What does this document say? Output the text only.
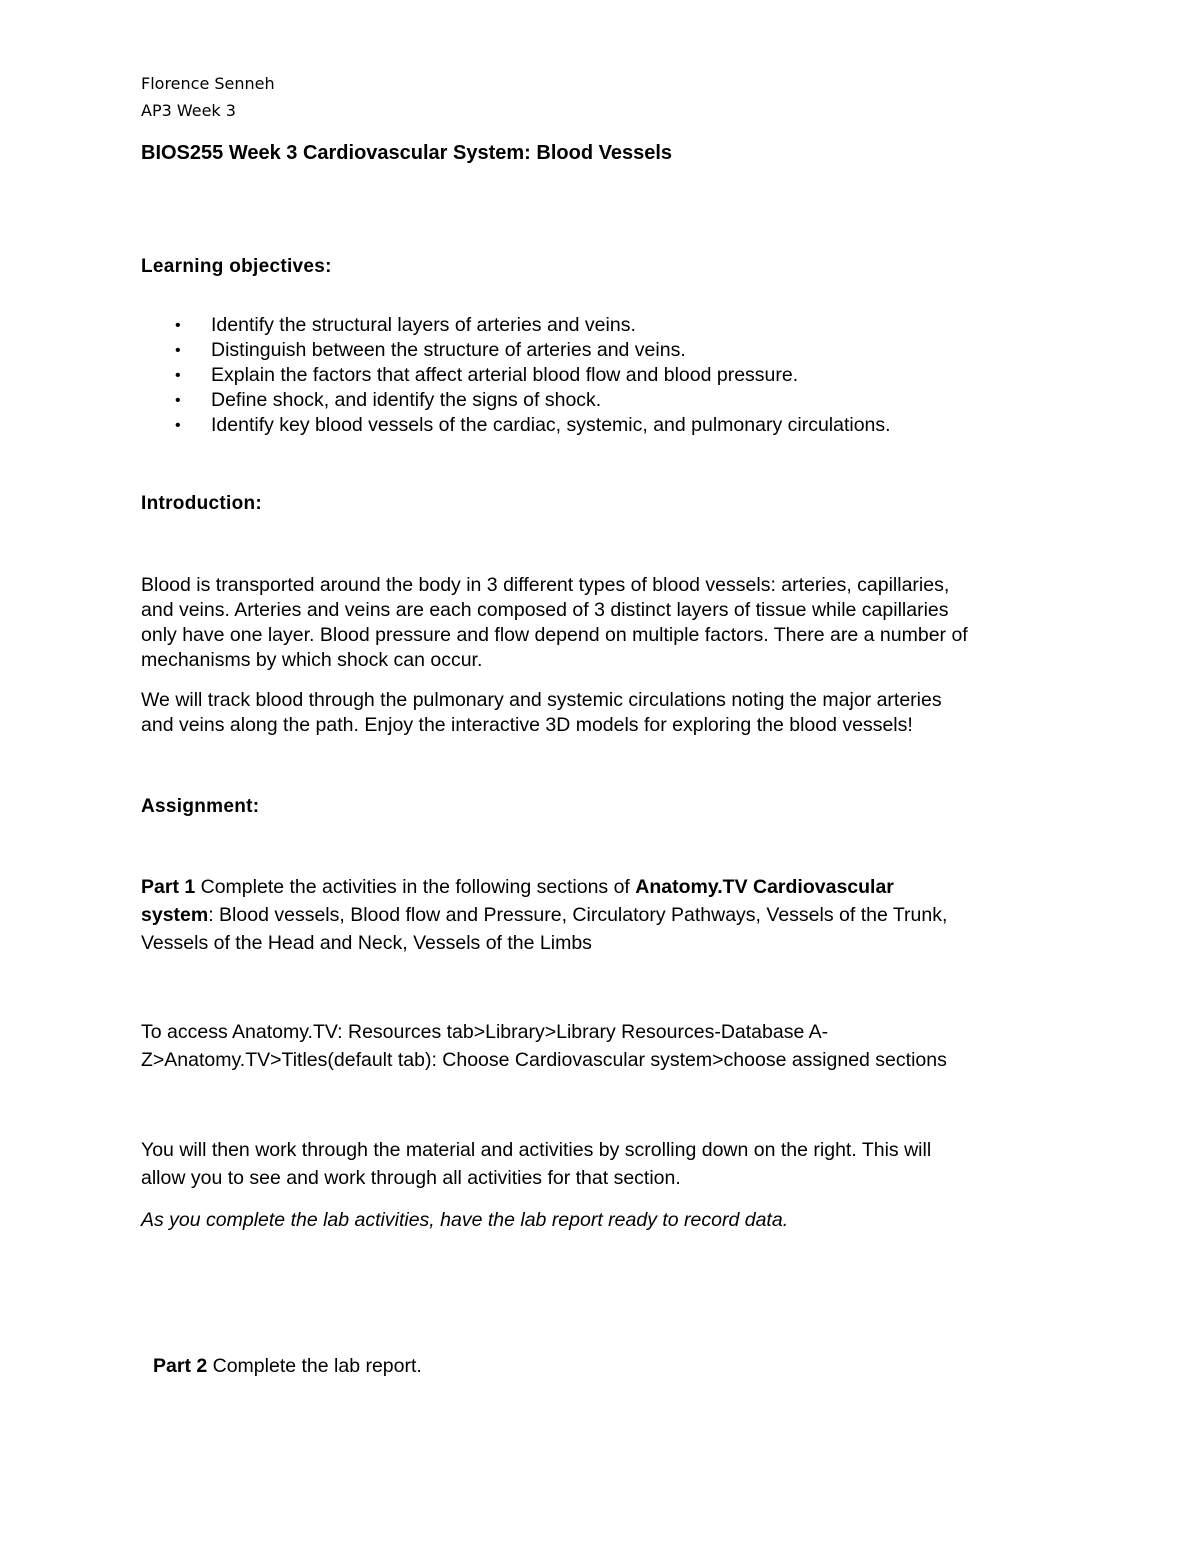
Florence Senneh

AP3 Week 3

BIOS255 Week 3 Cardiovascular System: Blood Vessels

Learning objectives:

• Identify the structural layers of arteries and veins.
• Distinguish between the structure of arteries and veins.
• Explain the factors that affect arterial blood flow and blood pressure.
• Define shock, and identify the signs of shock.
• Identify key blood vessels of the cardiac, systemic, and pulmonary circulations.

Introduction:

Blood is transported around the body in 3 different types of blood vessels: arteries, capillaries,
and veins. Arteries and veins are each composed of 3 distinct layers of tissue while capillaries
only have one layer. Blood pressure and flow depend on multiple factors. There are a number of
mechanisms by which shock can occur.
We will track blood through the pulmonary and systemic circulations noting the major arteries
and veins along the path. Enjoy the interactive 3D models for exploring the blood vessels!

Assignment:

Part 1 Complete the activities in the following sections of Anatomy.TV Cardiovascular
system: Blood vessels, Blood flow and Pressure, Circulatory Pathways, Vessels of the Trunk,
Vessels of the Head and Neck, Vessels of the Limbs
To access Anatomy.TV: Resources tab>Library>Library Resources-Database A-
Z>Anatomy.TV>Titles(default tab): Choose Cardiovascular system>choose assigned sections
You will then work through the material and activities by scrolling down on the right. This will
allow you to see and work through all activities for that section.

As you complete the lab activities, have the lab report ready to record data.

Part 2 Complete the lab report.
